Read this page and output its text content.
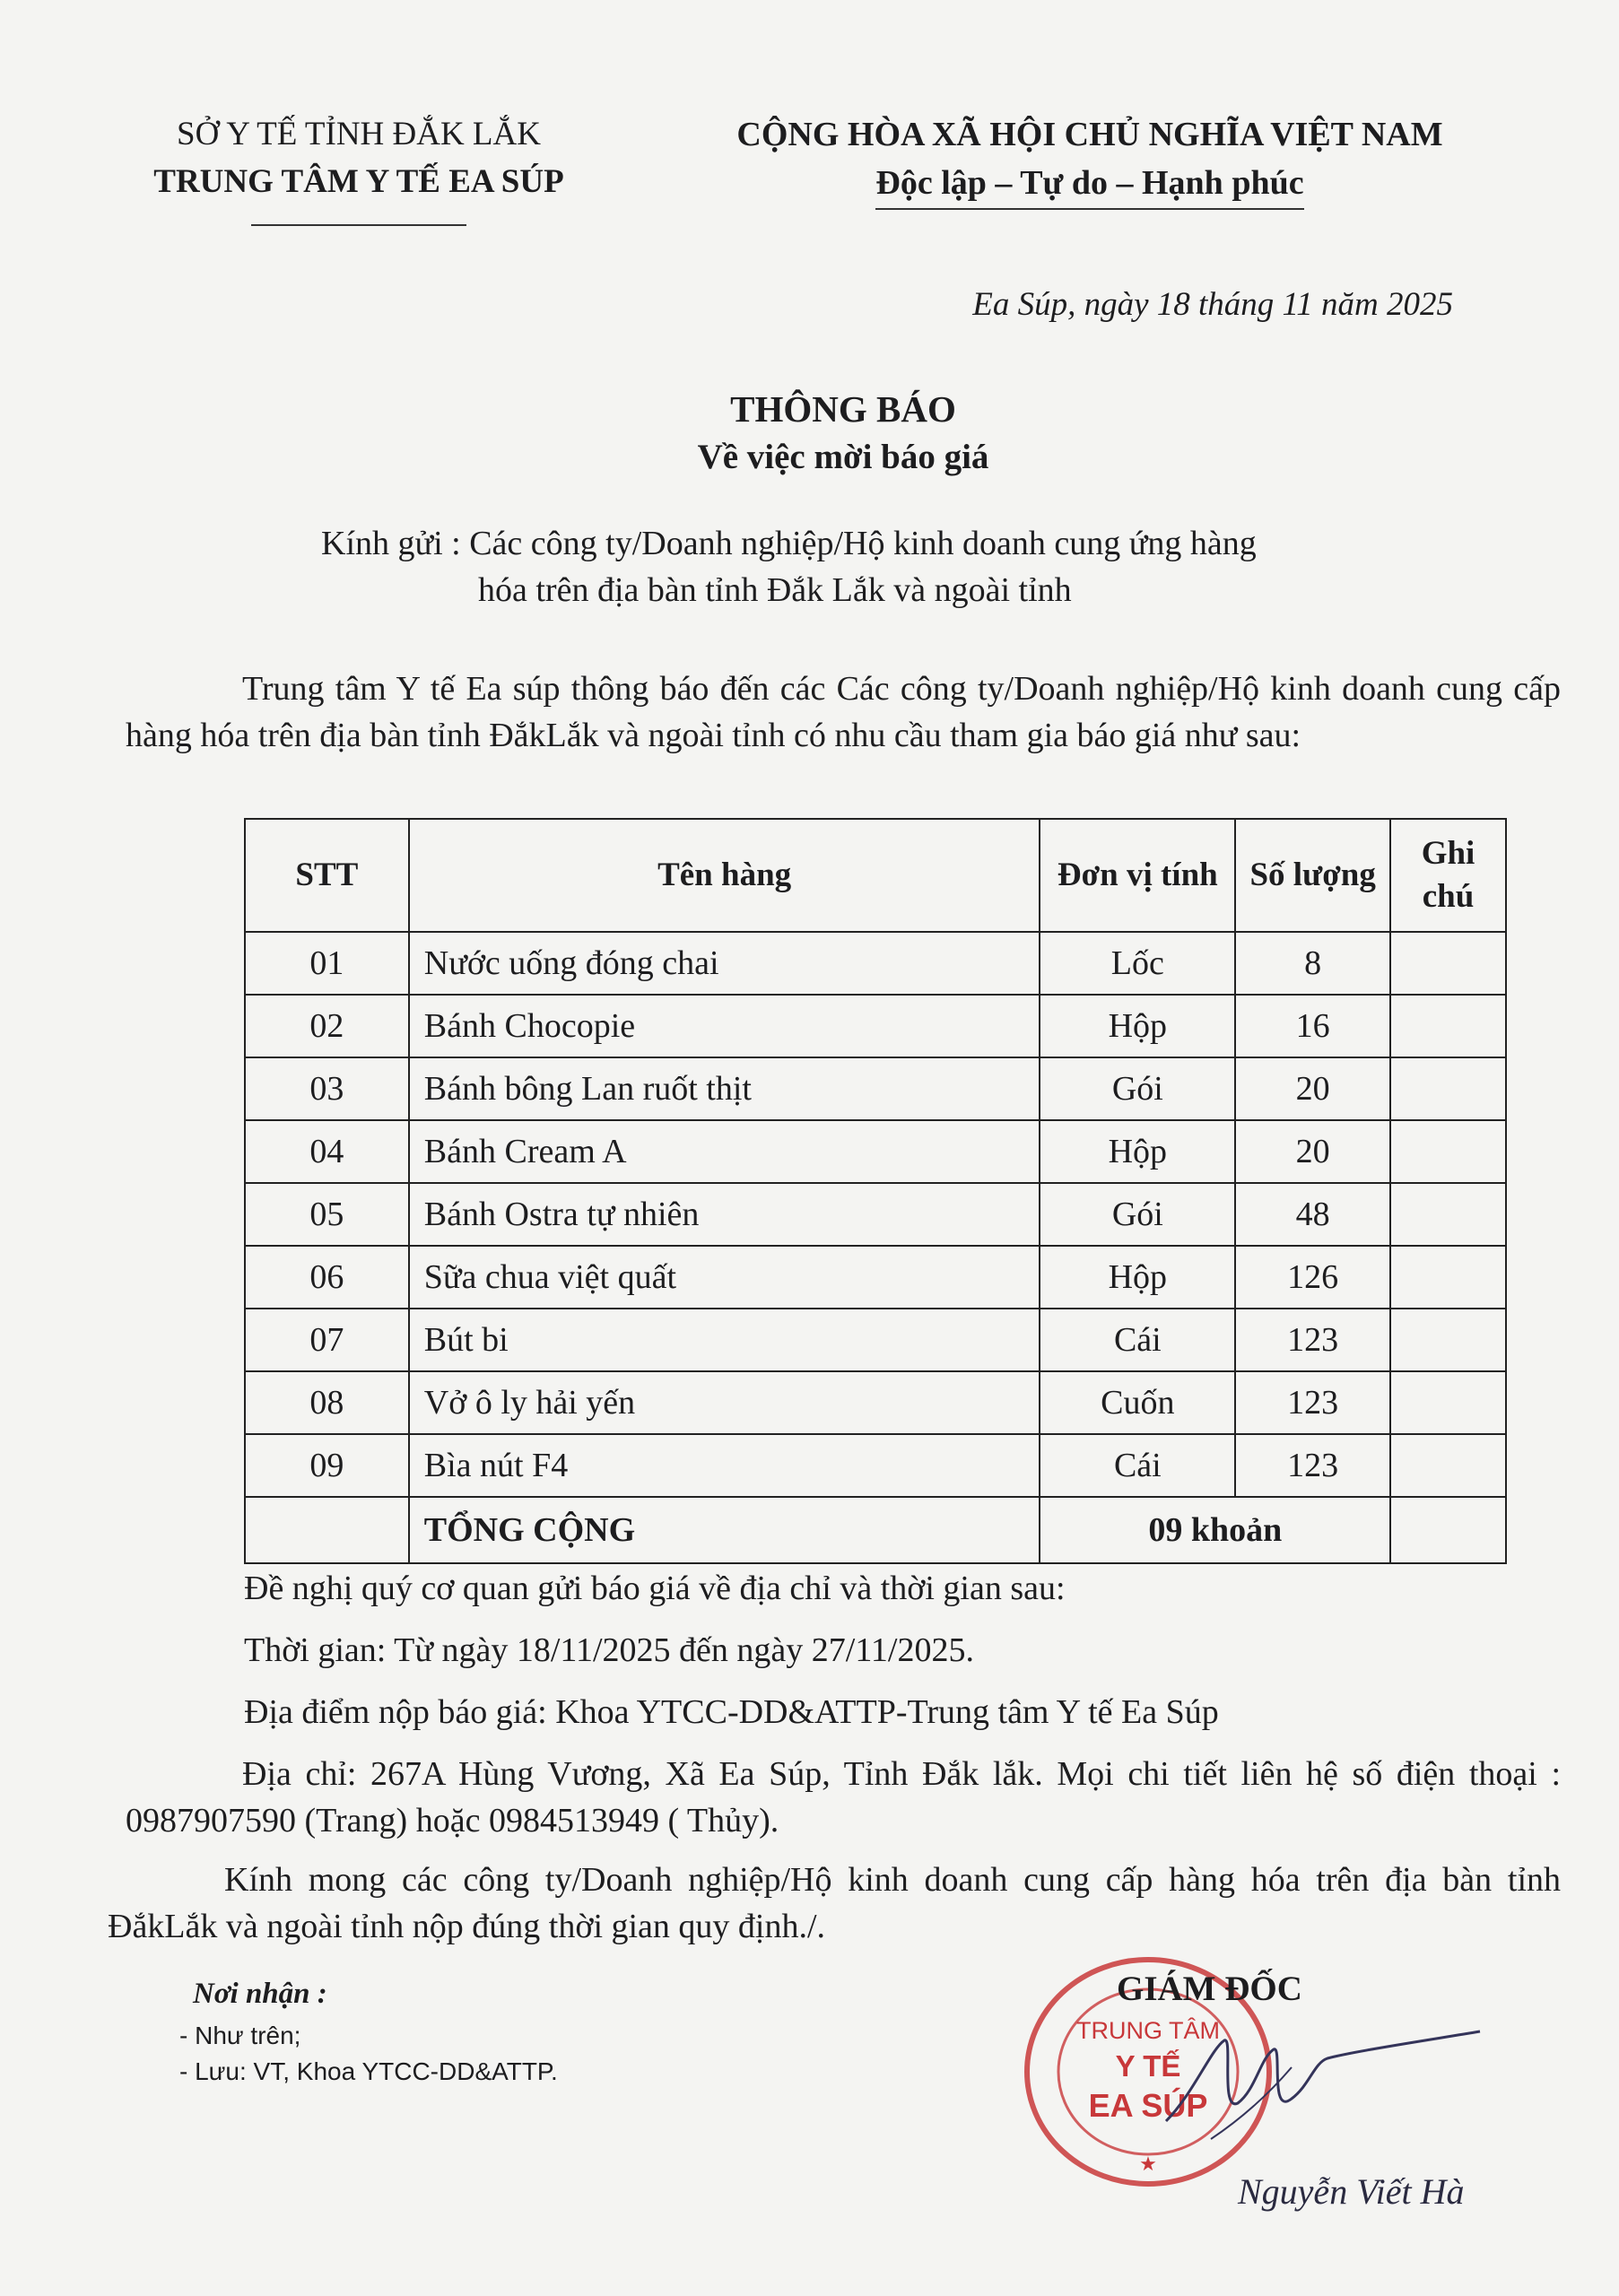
SỞ Y TẾ TỈNH ĐẮK LẮK
TRUNG TÂM Y TẾ EA SÚP
CỘNG HÒA XÃ HỘI CHỦ NGHĨA VIỆT NAM
Độc lập – Tự do – Hạnh phúc
Ea Súp, ngày 18 tháng 11 năm 2025
THÔNG BÁO
Về việc mời báo giá
Kính gửi : Các công ty/Doanh nghiệp/Hộ kinh doanh cung ứng hàng
hóa trên địa bàn tỉnh Đắk Lắk và ngoài tỉnh
Trung tâm Y tế Ea súp thông báo đến các Các công ty/Doanh nghiệp/Hộ kinh doanh cung cấp hàng hóa trên địa bàn tỉnh ĐắkLắk và ngoài tỉnh có nhu cầu tham gia báo giá như sau:
STT	Tên hàng	Đơn vị tính	Số lượng	Ghi chú
01	Nước uống đóng chai	Lốc	8	
02	Bánh Chocopie	Hộp	16	
03	Bánh bông Lan ruốt thịt	Gói	20	
04	Bánh Cream A	Hộp	20	
05	Bánh Ostra tự nhiên	Gói	48	
06	Sữa chua việt quất	Hộp	126	
07	Bút bi	Cái	123	
08	Vở ô ly hải yến	Cuốn	123	
09	Bìa nút F4	Cái	123	
	TỔNG CỘNG	09 khoản		
Đề nghị quý cơ quan gửi báo giá về địa chỉ và thời gian sau:
Thời gian: Từ ngày 18/11/2025 đến ngày 27/11/2025.
Địa điểm nộp báo giá: Khoa YTCC-DD&ATTP-Trung tâm Y tế Ea Súp
Địa chỉ: 267A Hùng Vương, Xã Ea Súp, Tỉnh Đắk lắk. Mọi chi tiết liên hệ số điện thoại : 0987907590 (Trang) hoặc 0984513949 ( Thủy).
Kính mong các công ty/Doanh nghiệp/Hộ kinh doanh cung cấp hàng hóa trên địa bàn tỉnh ĐắkLắk và ngoài tỉnh nộp đúng thời gian quy định./.
Nơi nhận :
- Như trên;
- Lưu: VT, Khoa YTCC-DD&ATTP.
TRUNG TÂM
Y TẾ
EA SÚP
★
GIÁM ĐỐC
Nguyễn Viết Hà
